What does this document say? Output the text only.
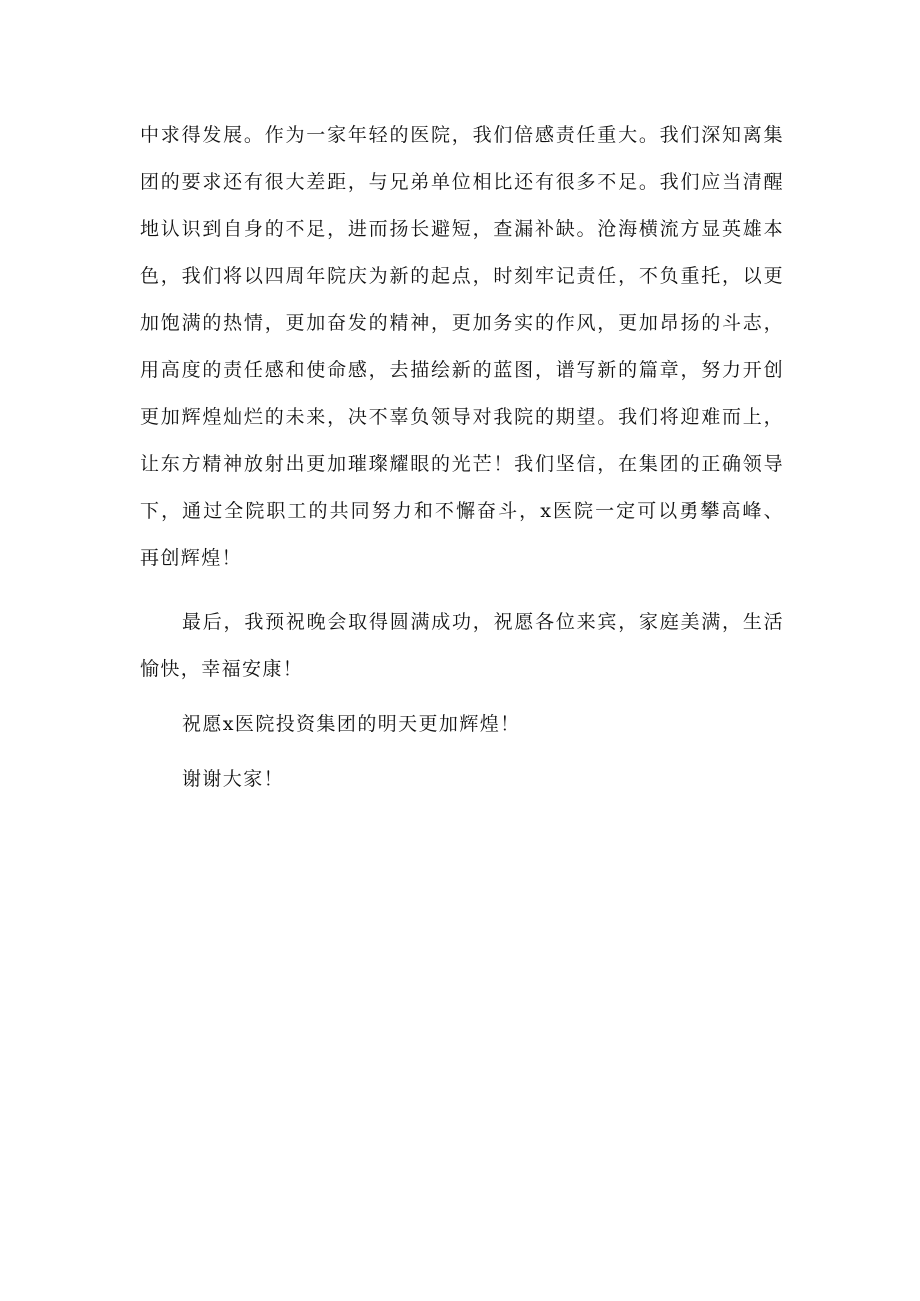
中求得发展。作为一家年轻的医院，我们倍感责任重大。我们深知离集团的要求还有很大差距，与兄弟单位相比还有很多不足。我们应当清醒地认识到自身的不足，进而扬长避短，查漏补缺。沧海横流方显英雄本色，我们将以四周年院庆为新的起点，时刻牢记责任，不负重托，以更加饱满的热情，更加奋发的精神，更加务实的作风，更加昂扬的斗志，用高度的责任感和使命感，去描绘新的蓝图，谱写新的篇章，努力开创更加辉煌灿烂的未来，决不辜负领导对我院的期望。我们将迎难而上，让东方精神放射出更加璀璨耀眼的光芒！我们坚信，在集团的正确领导下，通过全院职工的共同努力和不懈奋斗，x医院一定可以勇攀高峰、再创辉煌！

最后，我预祝晚会取得圆满成功，祝愿各位来宾，家庭美满，生活愉快，幸福安康！

祝愿x医院投资集团的明天更加辉煌！

谢谢大家！
